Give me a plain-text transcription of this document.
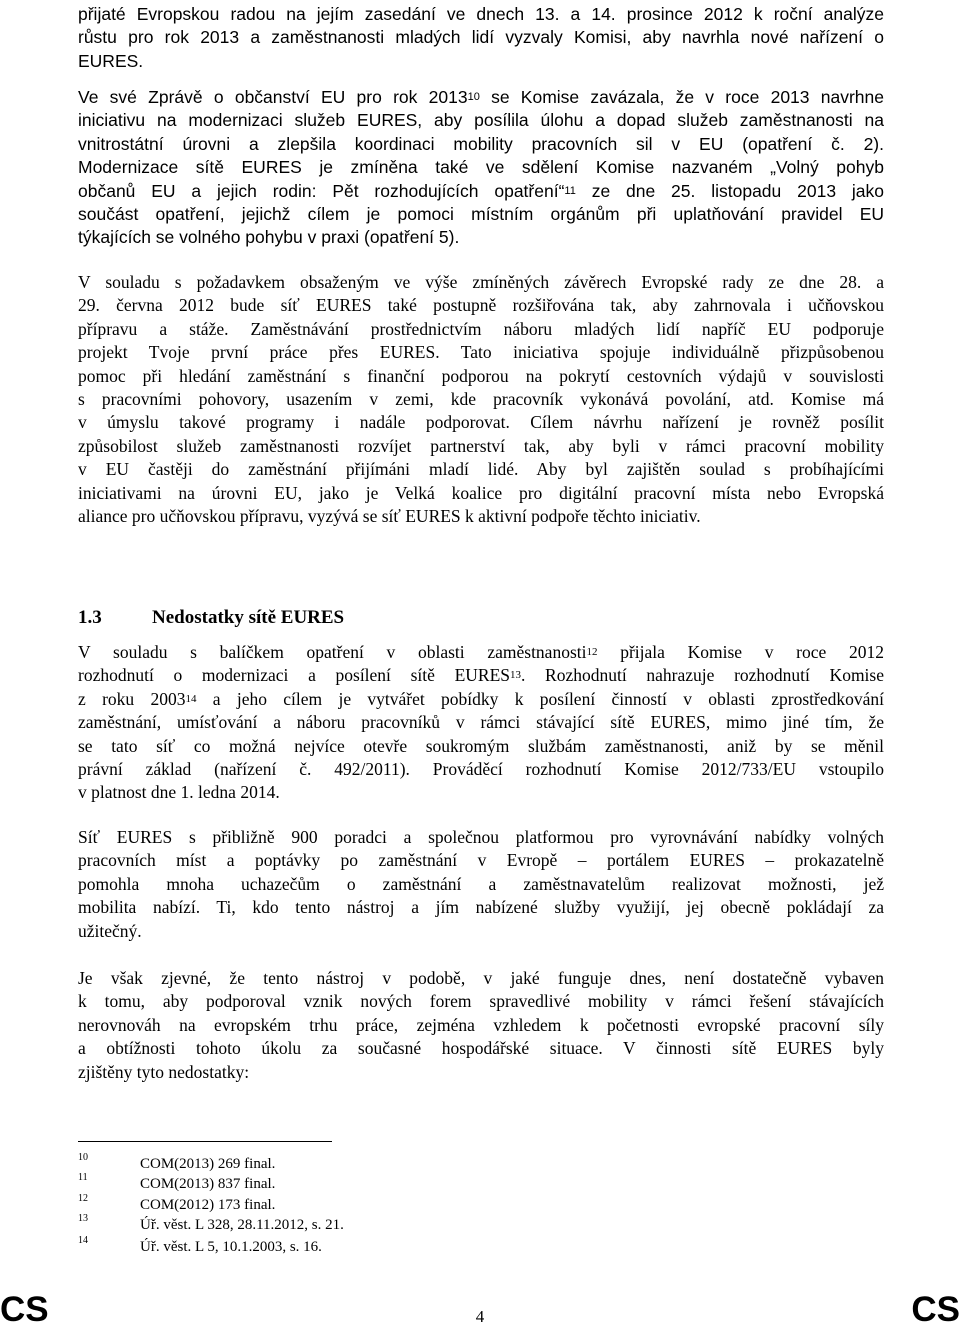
přijaté Evropskou radou na jejím zasedání ve dnech 13. a 14. prosince 2012 k roční analýze
růstu pro rok 2013 a zaměstnanosti mladých lidí vyzvaly Komisi, aby navrhla nové nařízení o
EURES.

Ve své Zprávě o občanství EU pro rok 2013$^{10}$ se Komise zavázala, že v roce 2013 navrhne
iniciativu na modernizaci služeb EURES, aby posílila úlohu a dopad služeb zaměstnanosti na
vnitrostátní úrovni a zlepšila koordinaci mobility pracovních sil v EU (opatření č. 2).
Modernizace sítě EURES je zmíněna také ve sdělení Komise nazvaném „Volný pohyb
občanů EU a jejich rodin: Pět rozhodujících opatření“$^{11}$ ze dne 25. listopadu 2013 jako
součást opatření, jejichž cílem je pomoci místním orgánům při uplatňování pravidel EU
týkajících se volného pohybu v praxi (opatření 5).

V souladu s požadavkem obsaženým ve výše zmíněných závěrech Evropské rady ze dne 28. a
29. června 2012 bude síť EURES také postupně rozšiřována tak, aby zahrnovala i učňovskou
přípravu a stáže. Zaměstnávání prostřednictvím náboru mladých lidí napříč EU podporuje
projekt Tvoje první práce přes EURES. Tato iniciativa spojuje individuálně přizpůsobenou
pomoc při hledání zaměstnání s finanční podporou na pokrytí cestovních výdajů v souvislosti
s pracovními pohovory, usazením v zemi, kde pracovník vykonává povolání, atd. Komise má
v úmyslu takové programy i nadále podporovat. Cílem návrhu nařízení je rovněž posílit
způsobilost služeb zaměstnanosti rozvíjet partnerství tak, aby byli v rámci pracovní mobility
v EU častěji do zaměstnání přijímáni mladí lidé. Aby byl zajištěn soulad s probíhajícími
iniciativami na úrovni EU, jako je Velká koalice pro digitální pracovní místa nebo Evropská
aliance pro učňovskou přípravu, vyzývá se síť EURES k aktivní podpoře těchto iniciativ.

1.3	Nedostatky sítě EURES

V souladu s balíčkem opatření v oblasti zaměstnanosti$^{12}$ přijala Komise v roce 2012
rozhodnutí o modernizaci a posílení sítě EURES$^{13}$. Rozhodnutí nahrazuje rozhodnutí Komise
z roku 2003$^{14}$ a jeho cílem je vytvářet pobídky k posílení činností v oblasti zprostředkování
zaměstnání, umísťování a náboru pracovníků v rámci stávající sítě EURES, mimo jiné tím, že
se tato síť co možná nejvíce otevře soukromým službám zaměstnanosti, aniž by se měnil
právní základ (nařízení č. 492/2011). Prováděcí rozhodnutí Komise 2012/733/EU vstoupilo
v platnost dne 1. ledna 2014.

Síť EURES s přibližně 900 poradci a společnou platformou pro vyrovnávání nabídky volných
pracovních míst a poptávky po zaměstnání v Evropě – portálem EURES – prokazatelně
pomohla mnoha uchazečům o zaměstnání a zaměstnavatelům realizovat možnosti, jež
mobilita nabízí. Ti, kdo tento nástroj a jím nabízené služby využijí, jej obecně pokládají za
užitečný.

Je však zjevné, že tento nástroj v podobě, v jaké funguje dnes, není dostatečně vybaven
k tomu, aby podporoval vznik nových forem spravedlivé mobility v rámci řešení stávajících
nerovnováh na evropském trhu práce, zejména vzhledem k početnosti evropské pracovní síly
a obtížnosti tohoto úkolu za současné hospodářské situace. V činnosti sítě EURES byly
zjištěny tyto nedostatky:

10	COM(2013) 269 final.
11	COM(2013) 837 final.
12	COM(2012) 173 final.
13	Úř. věst. L 328, 28.11.2012, s. 21.
14	Úř. věst. L 5, 10.1.2003, s. 16.
CS	4	CS
